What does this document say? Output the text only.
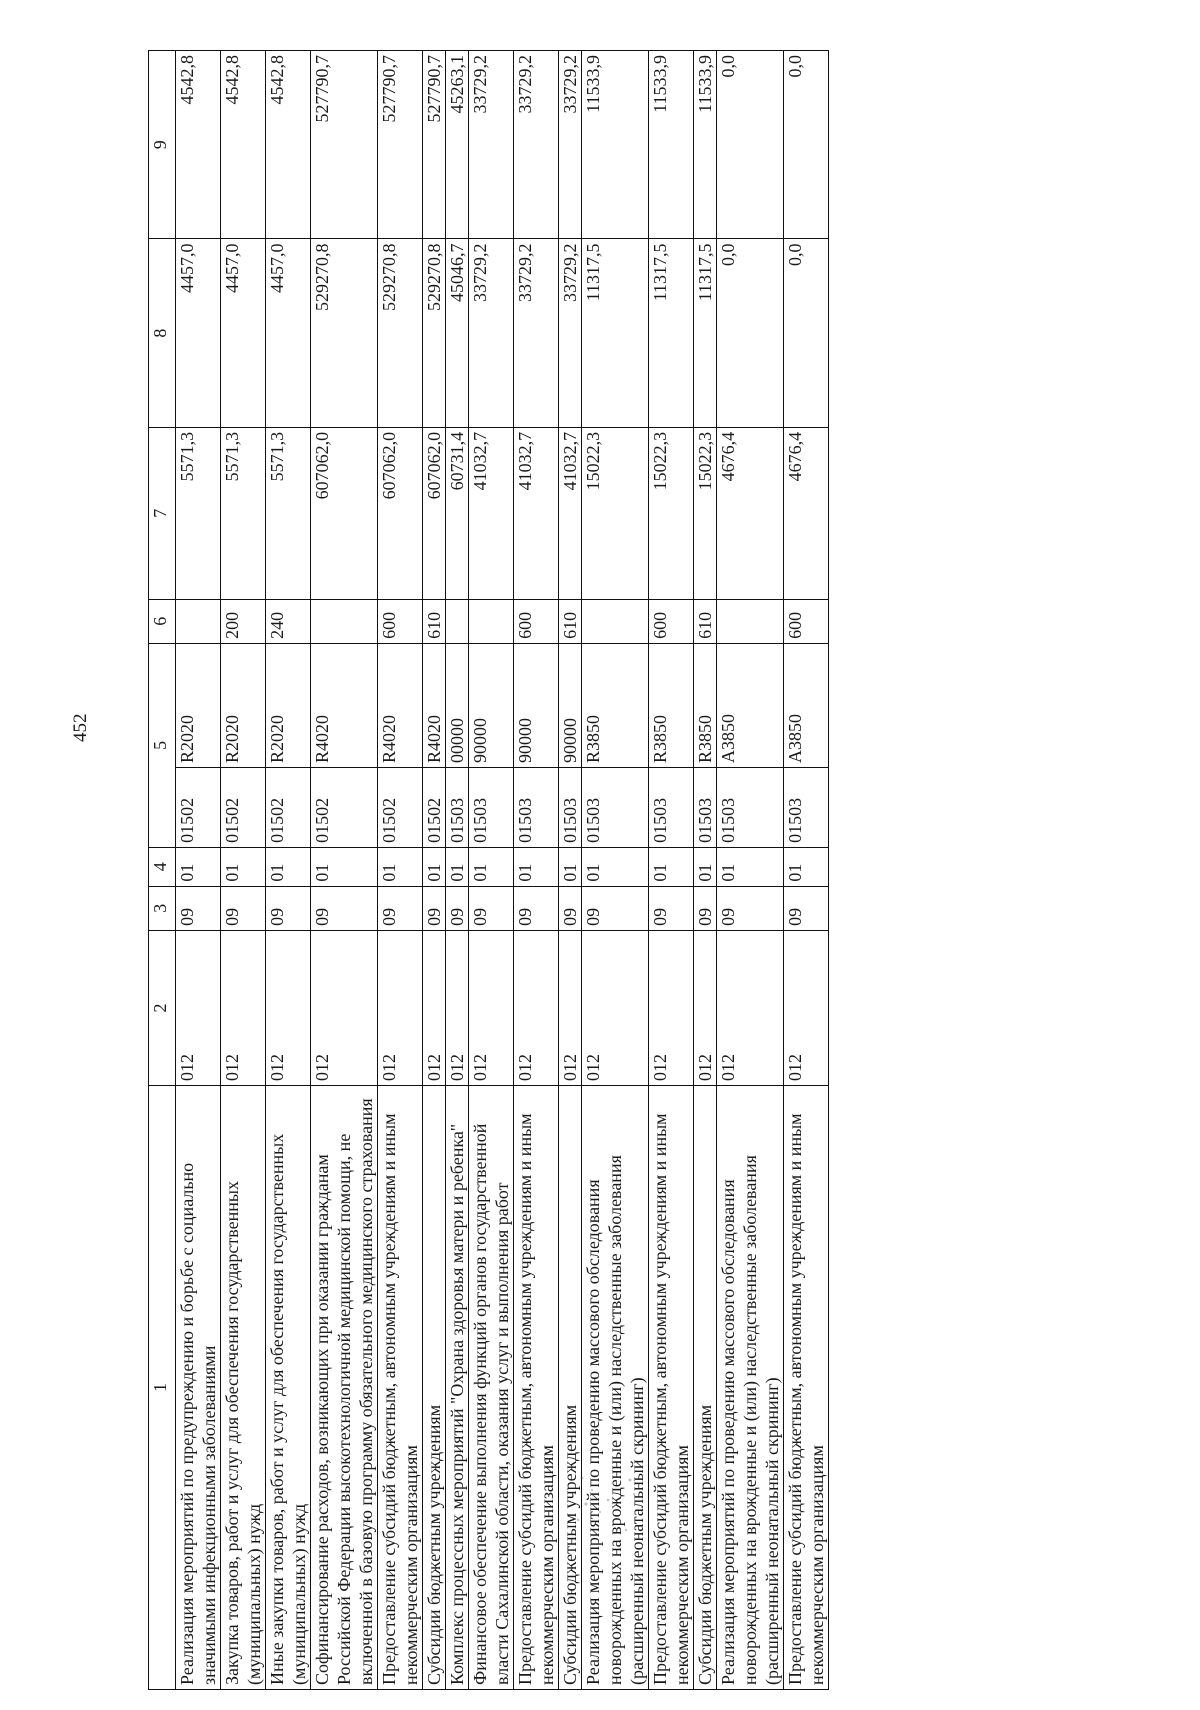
452
1	2	3	4	5		6	7	8	9
Реализация мероприятий по предупреждению и борьбе с социально значимыми инфекционными заболеваниями	012	09	01	01502	R2020		5571,3	4457,0	4542,8
Закупка товаров, работ и услуг для обеспечения государственных (муниципальных) нужд	012	09	01	01502	R2020	200	5571,3	4457,0	4542,8
Иные закупки товаров, работ и услуг для обеспечения государственных (муниципальных) нужд	012	09	01	01502	R2020	240	5571,3	4457,0	4542,8
Софинансирование расходов, возникающих при оказании гражданам Российской Федерации высокотехнологичной медицинской помощи, не включенной в базовую программу обязательного медицинского страхования	012	09	01	01502	R4020		607062,0	529270,8	527790,7
Предоставление субсидий бюджетным, автономным учреждениям и иным некоммерческим организациям	012	09	01	01502	R4020	600	607062,0	529270,8	527790,7
Субсидии бюджетным учреждениям	012	09	01	01502	R4020	610	607062,0	529270,8	527790,7
Комплекс процессных мероприятий "Охрана здоровья матери и ребенка"	012	09	01	01503	00000		60731,4	45046,7	45263,1
Финансовое обеспечение выполнения функций органов государственной власти Сахалинской области, оказания услуг и выполнения работ	012	09	01	01503	90000		41032,7	33729,2	33729,2
Предоставление субсидий бюджетным, автономным учреждениям и иным некоммерческим организациям	012	09	01	01503	90000	600	41032,7	33729,2	33729,2
Субсидии бюджетным учреждениям	012	09	01	01503	90000	610	41032,7	33729,2	33729,2
Реализация мероприятий по проведению массового обследования новорожденных на врожденные и (или) наследственные заболевания (расширенный неонатальный скрининг)	012	09	01	01503	R3850		15022,3	11317,5	11533,9
Предоставление субсидий бюджетным, автономным учреждениям и иным некоммерческим организациям	012	09	01	01503	R3850	600	15022,3	11317,5	11533,9
Субсидии бюджетным учреждениям	012	09	01	01503	R3850	610	15022,3	11317,5	11533,9
Реализация мероприятий по проведению массового обследования новорожденных на врожденные и (или) наследственные заболевания (расширенный неонатальный скрининг)	012	09	01	01503	A3850		4676,4	0,0	0,0
Предоставление субсидий бюджетным, автономным учреждениям и иным некоммерческим организациям	012	09	01	01503	A3850	600	4676,4	0,0	0,0
